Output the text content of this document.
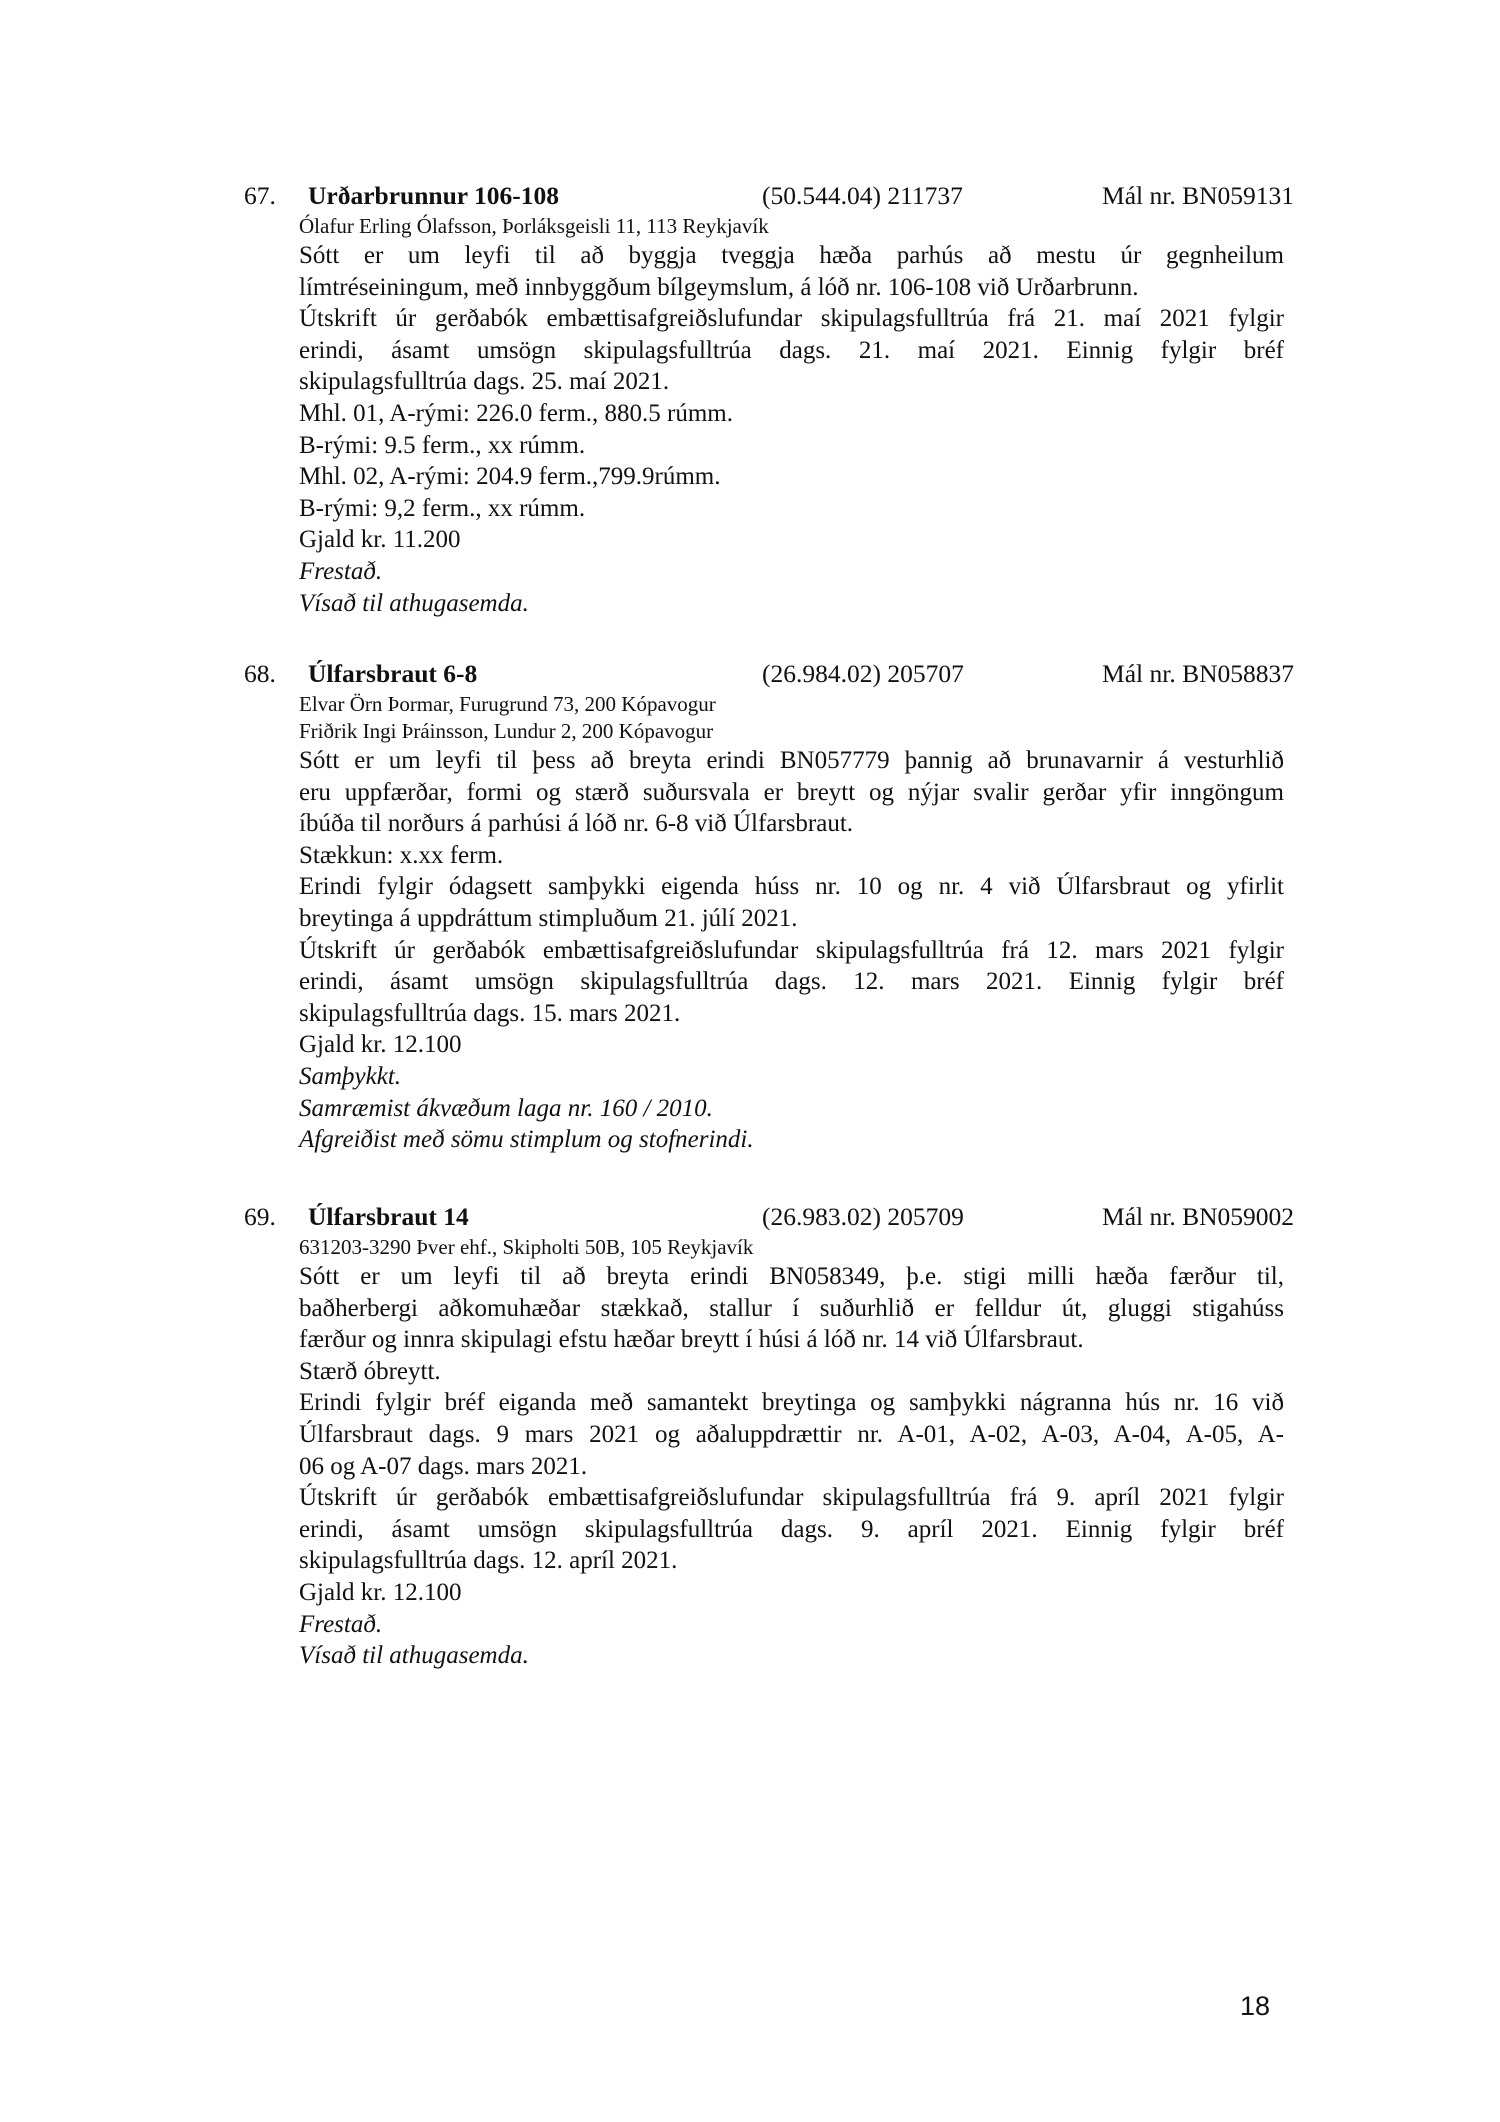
67. Urðarbrunnur 106-108	(50.544.04) 211737	Mál nr. BN059131
Ólafur Erling Ólafsson, Þorláksgeisli 11, 113 Reykjavík
Sótt er um leyfi til að byggja tveggja hæða parhús að mestu úr gegnheilum
límtréseiningum, með innbyggðum bílgeymslum, á lóð nr. 106-108 við Urðarbrunn.
Útskrift úr gerðabók embættisafgreiðslufundar skipulagsfulltrúa frá 21. maí 2021 fylgir
erindi, ásamt umsögn skipulagsfulltrúa dags. 21. maí 2021. Einnig fylgir bréf
skipulagsfulltrúa dags. 25. maí 2021.
Mhl. 01, A-rými: 226.0 ferm., 880.5 rúmm.
B-rými: 9.5 ferm., xx rúmm.
Mhl. 02, A-rými: 204.9 ferm.,799.9rúmm.
B-rými: 9,2 ferm., xx rúmm.
Gjald kr. 11.200
Frestað.
Vísað til athugasemda.
68. Úlfarsbraut 6-8	(26.984.02) 205707	Mál nr. BN058837
Elvar Örn Þormar, Furugrund 73, 200 Kópavogur
Friðrik Ingi Þráinsson, Lundur 2, 200 Kópavogur
Sótt er um leyfi til þess að breyta erindi BN057779 þannig að brunavarnir á vesturhlið
eru uppfærðar, formi og stærð suðursvala er breytt og nýjar svalir gerðar yfir inngöngum
íbúða til norðurs á parhúsi á lóð nr. 6-8 við Úlfarsbraut.
Stækkun: x.xx ferm.
Erindi fylgir ódagsett samþykki eigenda húss nr. 10 og nr. 4 við Úlfarsbraut og yfirlit
breytinga á uppdráttum stimpluðum 21. júlí 2021.
Útskrift úr gerðabók embættisafgreiðslufundar skipulagsfulltrúa frá 12. mars 2021 fylgir
erindi, ásamt umsögn skipulagsfulltrúa dags. 12. mars 2021. Einnig fylgir bréf
skipulagsfulltrúa dags. 15. mars 2021.
Gjald kr. 12.100
Samþykkt.
Samræmist ákvæðum laga nr. 160 / 2010.
Afgreiðist með sömu stimplum og stofnerindi.
69. Úlfarsbraut 14	(26.983.02) 205709	Mál nr. BN059002
631203-3290 Þver ehf., Skipholti 50B, 105 Reykjavík
Sótt er um leyfi til að breyta erindi BN058349, þ.e. stigi milli hæða færður til,
baðherbergi aðkomuhæðar stækkað, stallur í suðurhlið er felldur út, gluggi stigahúss
færður og innra skipulagi efstu hæðar breytt í húsi á lóð nr. 14 við Úlfarsbraut.
Stærð óbreytt.
Erindi fylgir bréf eiganda með samantekt breytinga og samþykki nágranna hús nr. 16 við
Úlfarsbraut dags. 9 mars 2021 og aðaluppdrættir nr. A-01, A-02, A-03, A-04, A-05, A-
06 og A-07 dags. mars 2021.
Útskrift úr gerðabók embættisafgreiðslufundar skipulagsfulltrúa frá 9. apríl 2021 fylgir
erindi, ásamt umsögn skipulagsfulltrúa dags. 9. apríl 2021. Einnig fylgir bréf
skipulagsfulltrúa dags. 12. apríl 2021.
Gjald kr. 12.100
Frestað.
Vísað til athugasemda.
18
